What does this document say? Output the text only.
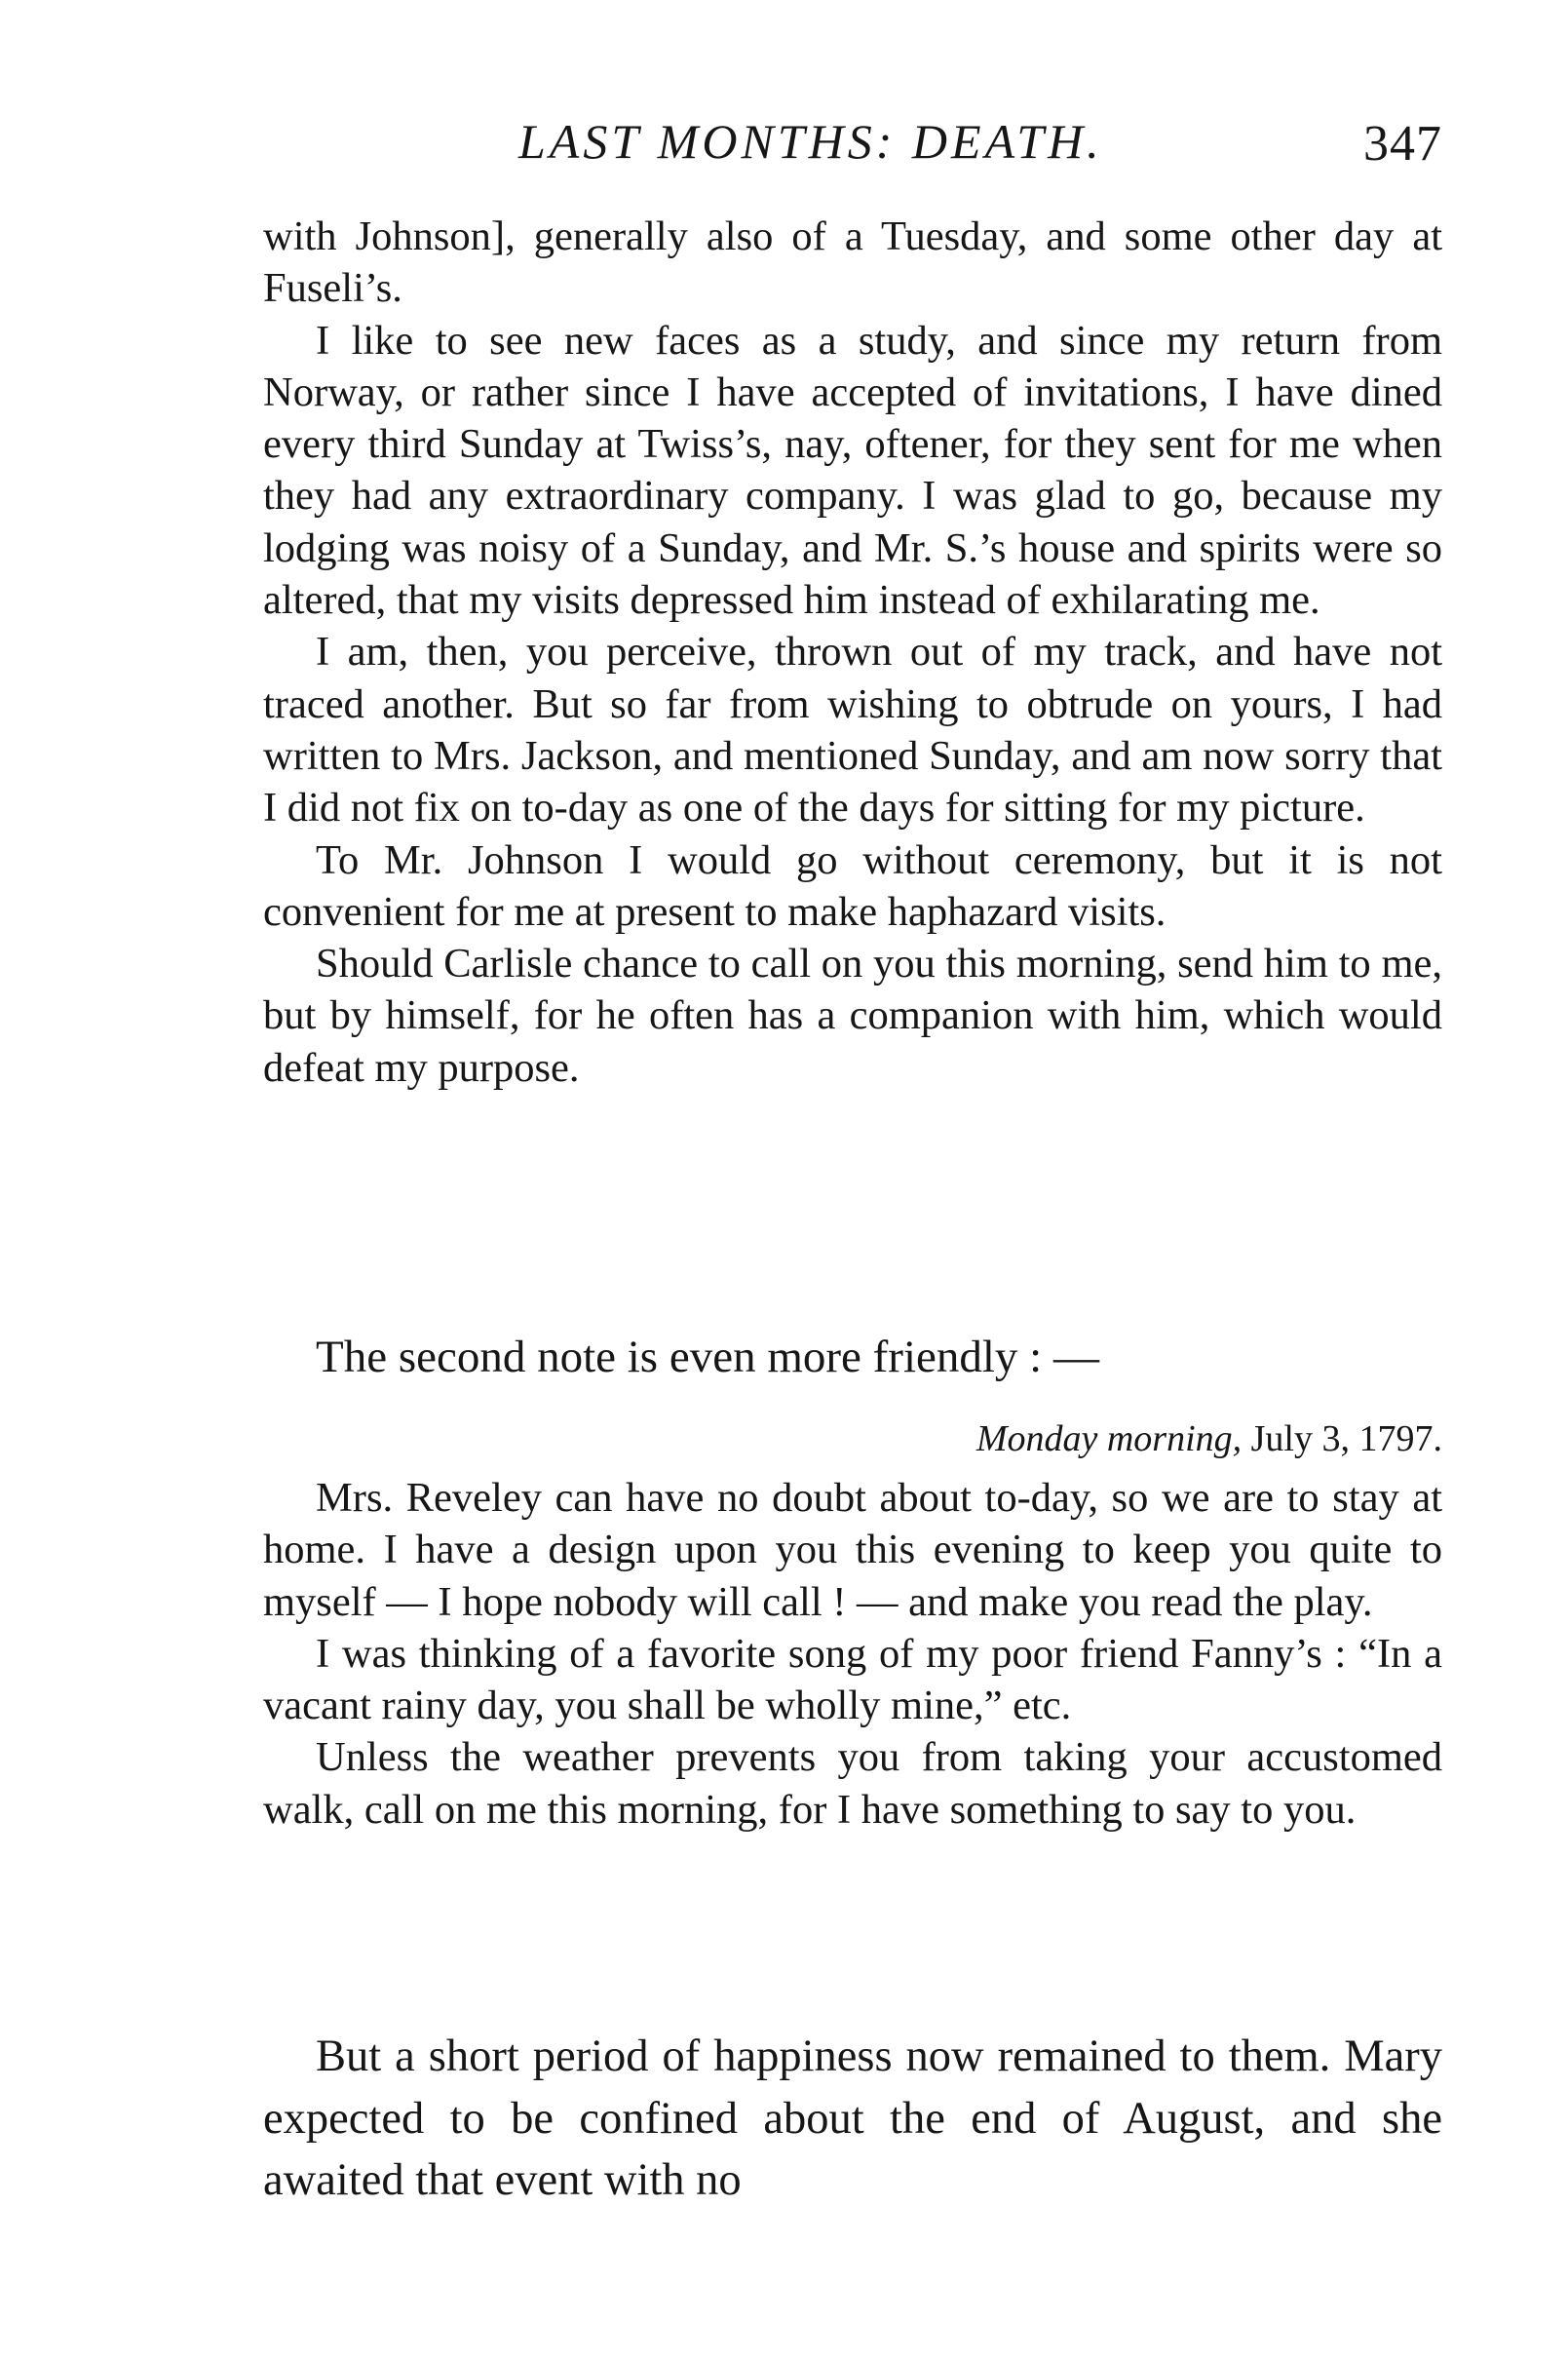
LAST MONTHS: DEATH.	347

with Johnson], generally also of a Tuesday, and some other day at Fuseli’s.

I like to see new faces as a study, and since my return from Norway, or rather since I have accepted of invitations, I have dined every third Sunday at Twiss’s, nay, oftener, for they sent for me when they had any extraordinary company. I was glad to go, because my lodging was noisy of a Sunday, and Mr. S.’s house and spirits were so altered, that my visits depressed him instead of exhilarating me.

I am, then, you perceive, thrown out of my track, and have not traced another. But so far from wishing to obtrude on yours, I had written to Mrs. Jackson, and mentioned Sunday, and am now sorry that I did not fix on to-day as one of the days for sitting for my picture.

To Mr. Johnson I would go without ceremony, but it is not convenient for me at present to make haphazard visits.

Should Carlisle chance to call on you this morning, send him to me, but by himself, for he often has a companion with him, which would defeat my purpose.

The second note is even more friendly : —

Monday morning, July 3, 1797.

Mrs. Reveley can have no doubt about to-day, so we are to stay at home. I have a design upon you this evening to keep you quite to myself — I hope nobody will call ! — and make you read the play.

I was thinking of a favorite song of my poor friend Fanny’s : “In a vacant rainy day, you shall be wholly mine,” etc.

Unless the weather prevents you from taking your accustomed walk, call on me this morning, for I have something to say to you.

But a short period of happiness now remained to them. Mary expected to be confined about the end of August, and she awaited that event with no
